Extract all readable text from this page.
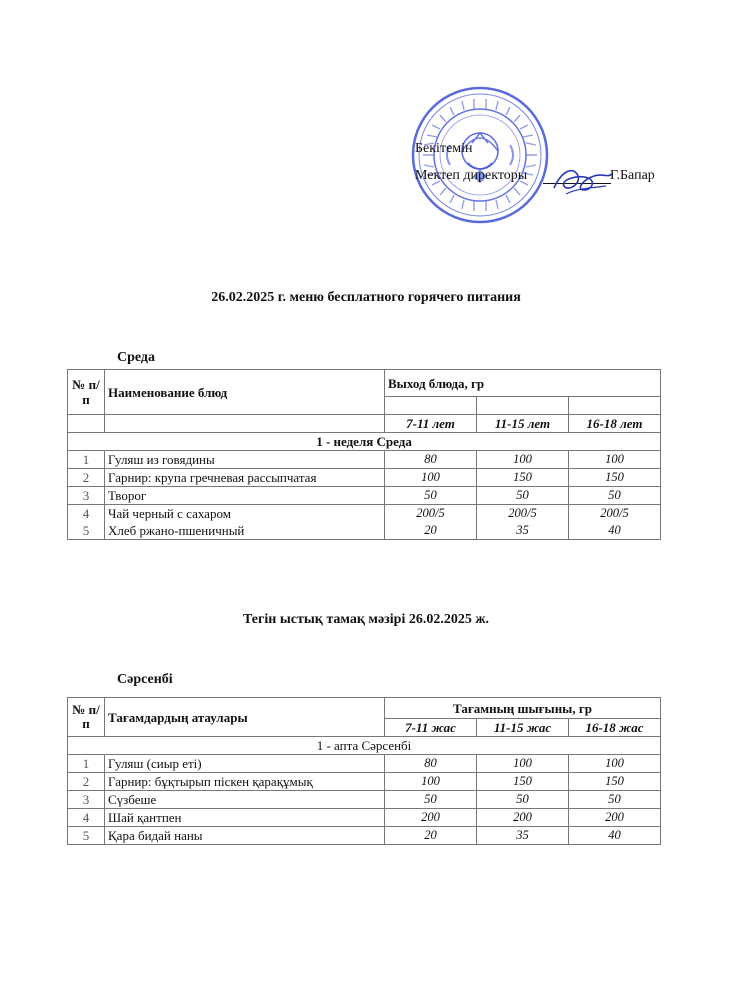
Бекітемін
Мектеп директоры	Г.Бапар
26.02.2025 г. меню бесплатного горячего питания
Среда
№ п/п	Наименование блюд	Выход блюда, гр		

		7-11 лет	11-15 лет	16-18 лет
1 - неделя Среда				
1	Гуляш из говядины	80	100	100
2	Гарнир: крупа гречневая рассыпчатая	100	150	150
3	Творог	50	50	50
4	Чай черный с сахаром	200/5	200/5	200/5
5	Хлеб ржано-пшеничный	20	35	40
Тегін ыстық тамақ мәзірі 26.02.2025 ж.
Сәрсенбі
№ п/п	Тағамдардың атаулары	Тағамның шығыны, гр		
		7-11 жас	11-15 жас	16-18 жас
1 - апта Сәрсенбі				
1	Гуляш (сиыр еті)	80	100	100
2	Гарнир: бұқтырып піскен қарақұмық	100	150	150
3	Сүзбеше	50	50	50
4	Шай қантпен	200	200	200
5	Қара бидай наны	20	35	40
